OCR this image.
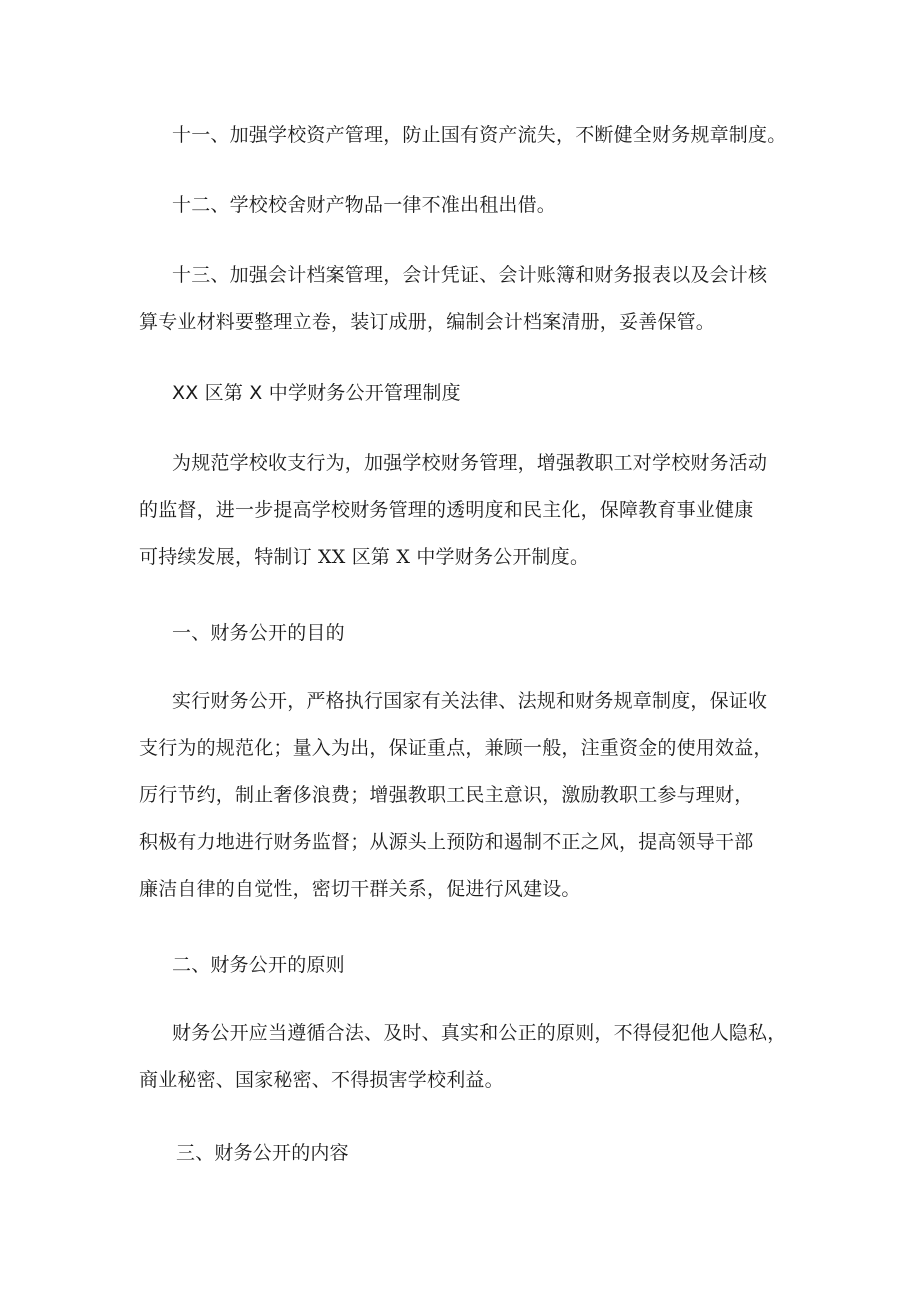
十一、加强学校资产管理，防止国有资产流失，不断健全财务规章制度。
十二、学校校舍财产物品一律不准出租出借。
十三、加强会计档案管理，会计凭证、会计账簿和财务报表以及会计核
算专业材料要整理立卷，装订成册，编制会计档案清册，妥善保管。
XX 区第 X 中学财务公开管理制度
为规范学校收支行为，加强学校财务管理，增强教职工对学校财务活动
的监督，进一步提高学校财务管理的透明度和民主化，保障教育事业健康
可持续发展，特制订 XX 区第 X 中学财务公开制度。
一、财务公开的目的
实行财务公开，严格执行国家有关法律、法规和财务规章制度，保证收
支行为的规范化；量入为出，保证重点，兼顾一般，注重资金的使用效益，
厉行节约，制止奢侈浪费；增强教职工民主意识，激励教职工参与理财，
积极有力地进行财务监督；从源头上预防和遏制不正之风，提高领导干部
廉洁自律的自觉性，密切干群关系，促进行风建设。
二、财务公开的原则
财务公开应当遵循合法、及时、真实和公正的原则，不得侵犯他人隐私，
商业秘密、国家秘密、不得损害学校利益。
三、财务公开的内容
